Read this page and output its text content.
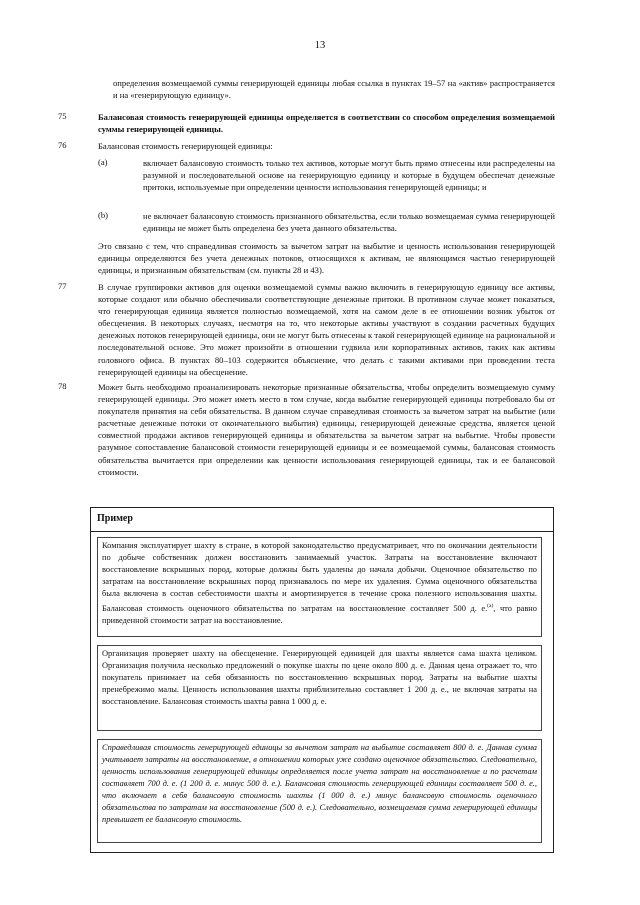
13
определения возмещаемой суммы генерирующей единицы любая ссылка в пунктах 19–57 на «актив» распространяется и на «генерирующую единицу».
75	Балансовая стоимость генерирующей единицы определяется в соответствии со способом определения возмещаемой суммы генерирующей единицы.
76	Балансовая стоимость генерирующей единицы:
(a)	включает балансовую стоимость только тех активов, которые могут быть прямо отнесены или распределены на разумной и последовательной основе на генерирующую единицу и которые в будущем обеспечат денежные притоки, используемые при определении ценности использования генерирующей единицы; и
(b)	не включает балансовую стоимость признанного обязательства, если только возмещаемая сумма генерирующей единицы не может быть определена без учета данного обязательства.
Это связано с тем, что справедливая стоимость за вычетом затрат на выбытие и ценность использования генерирующей единицы определяются без учета денежных потоков, относящихся к активам, не являющимся частью генерирующей единицы, и признанным обязательствам (см. пункты 28 и 43).
77	В случае группировки активов для оценки возмещаемой суммы важно включить в генерирующую единицу все активы, которые создают или обычно обеспечивали соответствующие денежные притоки. В противном случае может показаться, что генерирующая единица является полностью возмещаемой, хотя на самом деле в ее отношении возник убыток от обесценения. В некоторых случаях, несмотря на то, что некоторые активы участвуют в создании расчетных будущих денежных потоков генерирующей единицы, они не могут быть отнесены к такой генерирующей единице на рациональной и последовательной основе. Это может произойти в отношении гудвила или корпоративных активов, таких как активы головного офиса. В пунктах 80–103 содержится объяснение, что делать с такими активами при проведении теста генерирующей единицы на обесценение.
78	Может быть необходимо проанализировать некоторые признанные обязательства, чтобы определить возмещаемую сумму генерирующей единицы. Это может иметь место в том случае, когда выбытие генерирующей единицы потребовало бы от покупателя принятия на себя обязательства. В данном случае справедливая стоимость за вычетом затрат на выбытие (или расчетные денежные потоки от окончательного выбытия) единицы, генерирующей денежные средства, является ценой совместной продажи активов генерирующей единицы и обязательства за вычетом затрат на выбытие. Чтобы провести разумное сопоставление балансовой стоимости генерирующей единицы и ее возмещаемой суммы, балансовая стоимость обязательства вычитается при определении как ценности использования генерирующей единицы, так и ее балансовой стоимости.
Пример
Компания эксплуатирует шахту в стране, в которой законодательство предусматривает, что по окончании деятельности по добыче собственник должен восстановить занимаемый участок. Затраты на восстановление включают восстановление вскрышных пород, которые должны быть удалены до начала добычи. Оценочное обязательство по затратам на восстановление вскрышных пород признавалось по мере их удаления. Сумма оценочного обязательства была включена в состав себестоимости шахты и амортизируется в течение срока полезного использования шахты. Балансовая стоимость оценочного обязательства по затратам на восстановление составляет 500 д. е.$^{(a)}$, что равно приведенной стоимости затрат на восстановление.
Организация проверяет шахту на обесценение. Генерирующей единицей для шахты является сама шахта целиком. Организация получила несколько предложений о покупке шахты по цене около 800 д. е. Данная цена отражает то, что покупатель принимает на себя обязанность по восстановлению вскрышных пород. Затраты на выбытие шахты пренебрежимо малы. Ценность использования шахты приблизительно составляет 1 200 д. е., не включая затраты на восстановление. Балансовая стоимость шахты равна 1 000 д. е.
Справедливая стоимость генерирующей единицы за вычетом затрат на выбытие составляет 800 д. е. Данная сумма учитывает затраты на восстановление, в отношении которых уже создано оценочное обязательство. Следовательно, ценность использования генерирующей единицы определяется после учета затрат на восстановление и по расчетам составляет 700 д. е. (1 200 д. е. минус 500 д. е.). Балансовая стоимость генерирующей единицы составляет 500 д. е., что включает в себя балансовую стоимость шахты (1 000 д. е.) минус балансовую стоимость оценочного обязательства по затратам на восстановление (500 д. е.). Следовательно, возмещаемая сумма генерирующей единицы превышает ее балансовую стоимость.
